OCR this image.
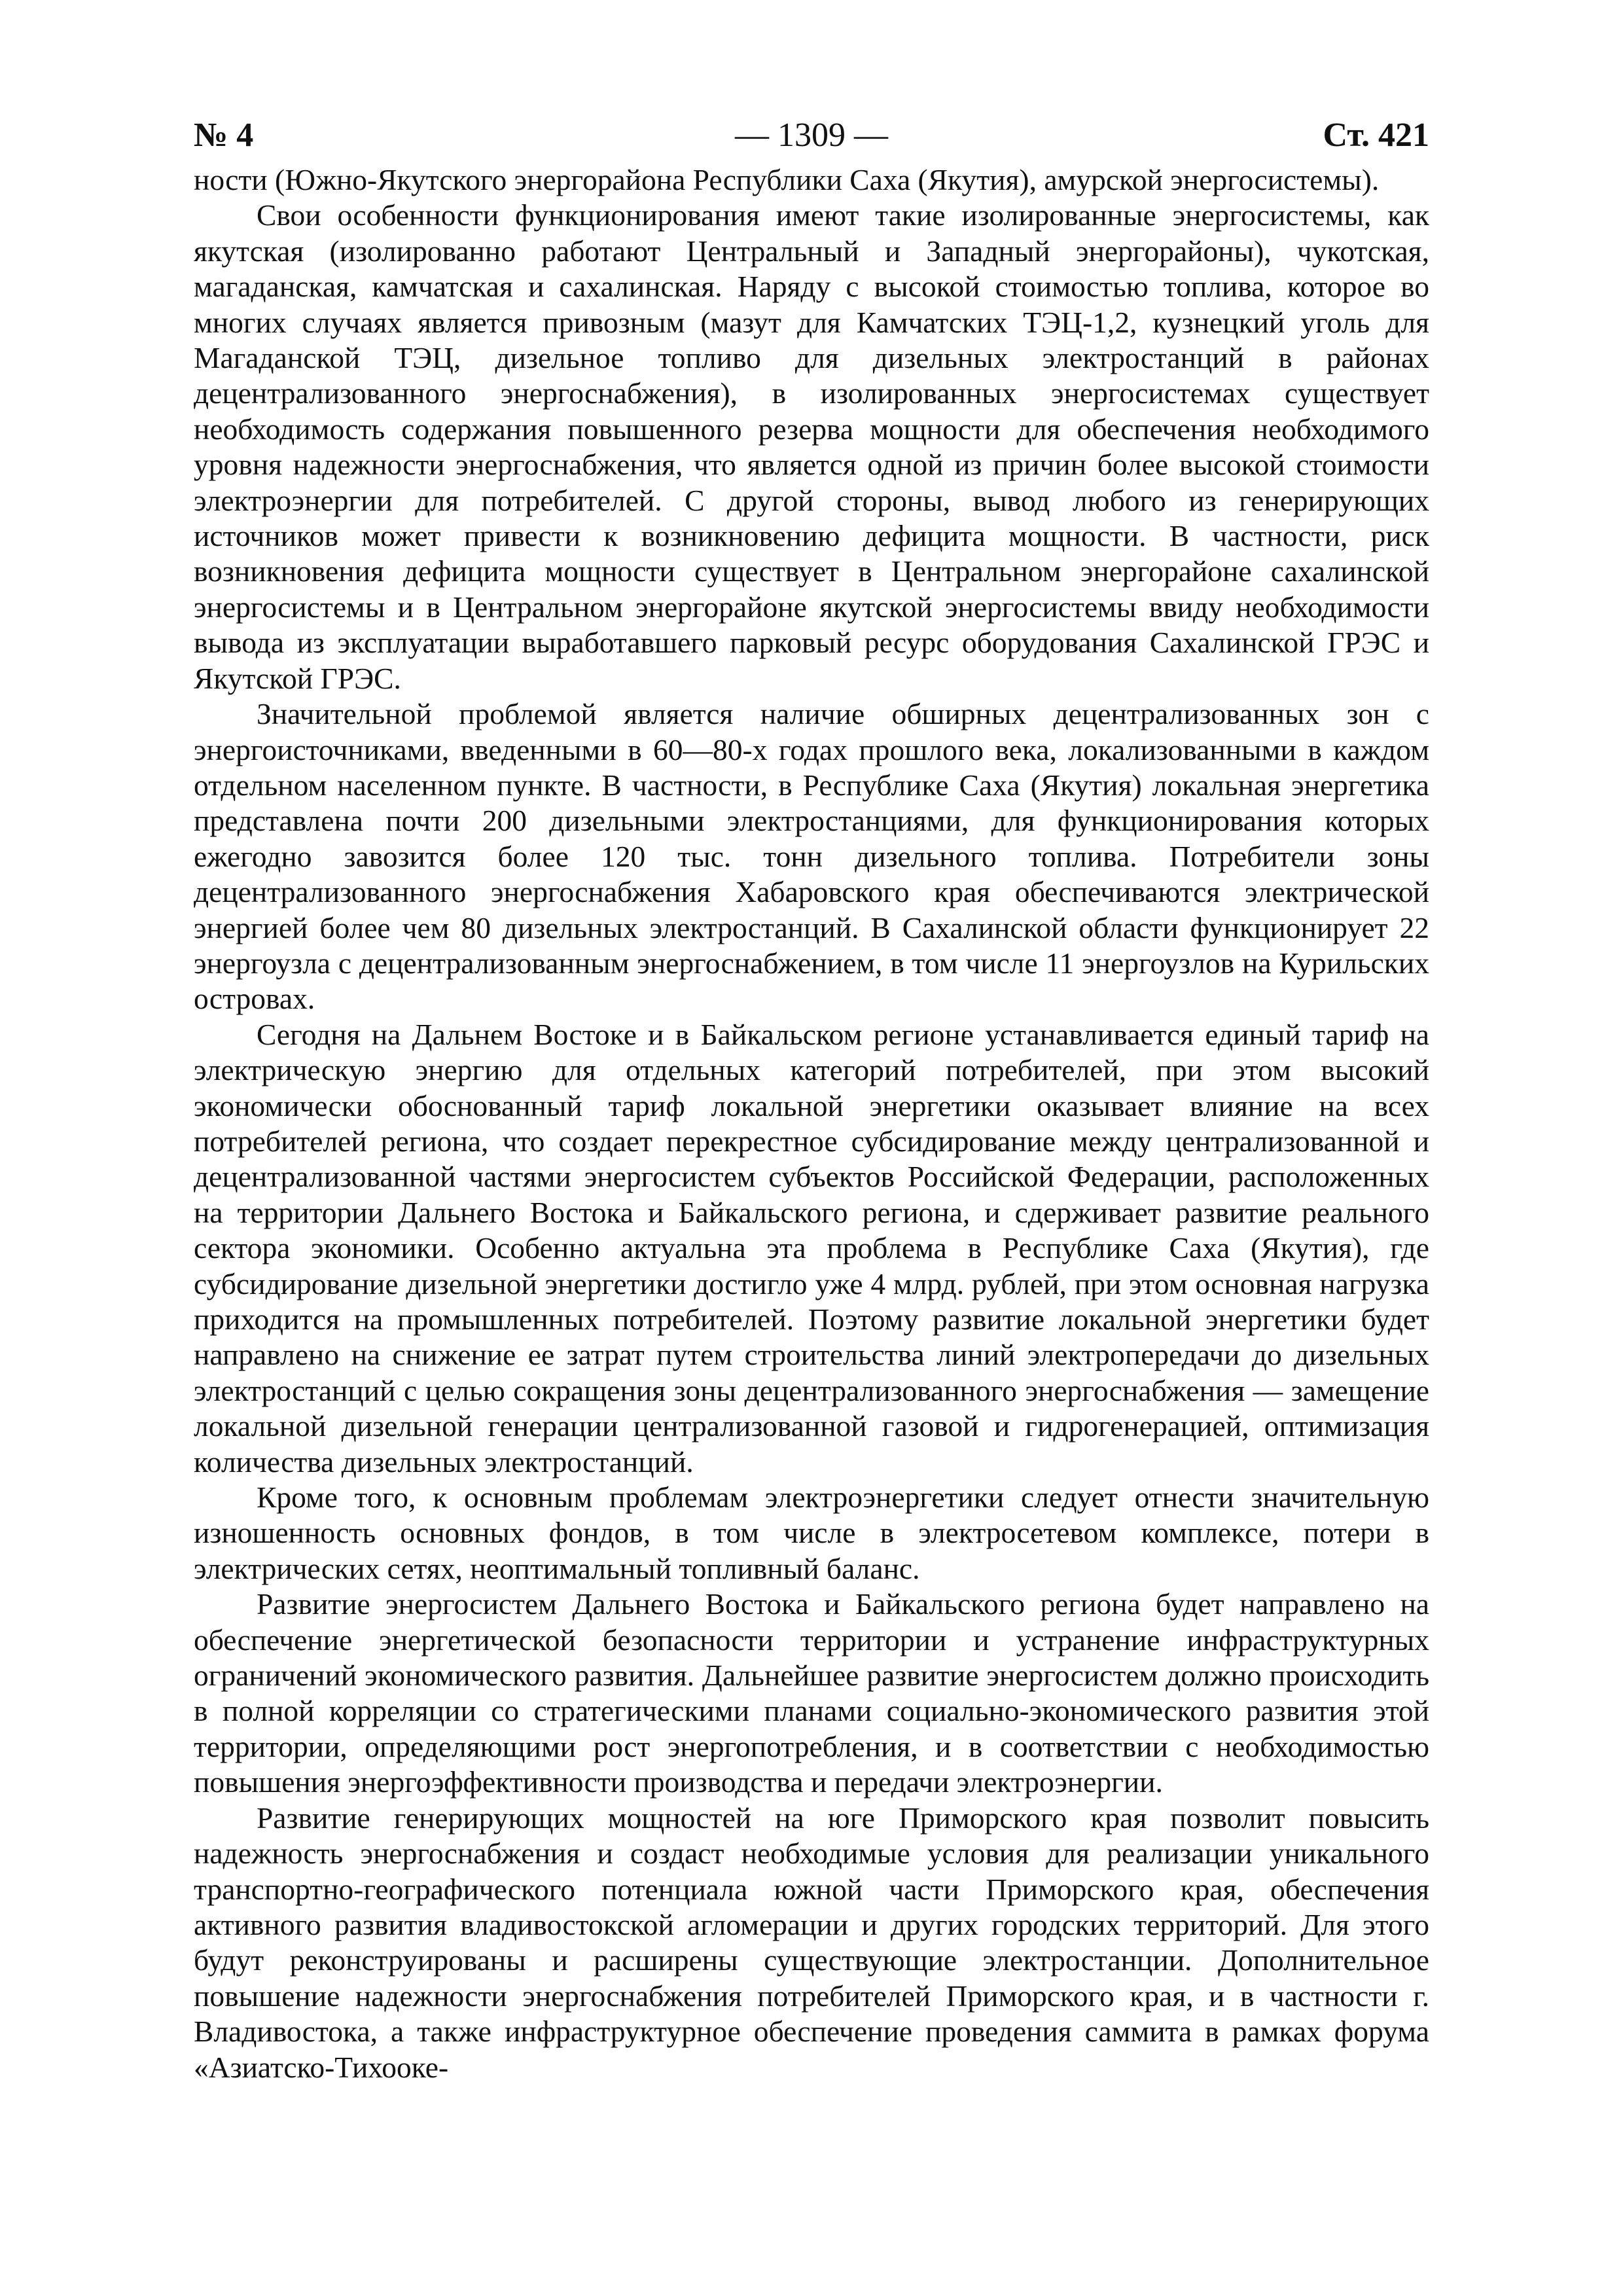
№ 4	— 1309 —	Ст. 421

ности (Южно-Якутского энергорайона Республики Саха (Якутия), амурской энергосистемы).

Свои особенности функционирования имеют такие изолированные энергосистемы, как якутская (изолированно работают Центральный и Западный энергорайоны), чукотская, магаданская, камчатская и сахалинская. Наряду с высокой стоимостью топлива, которое во многих случаях является привозным (мазут для Камчатских ТЭЦ-1,2, кузнецкий уголь для Магаданской ТЭЦ, дизельное топливо для дизельных электростанций в районах децентрализованного энергоснабжения), в изолированных энергосистемах существует необходимость содержания повышенного резерва мощности для обеспечения необходимого уровня надежности энергоснабжения, что является одной из причин более высокой стоимости электроэнергии для потребителей. С другой стороны, вывод любого из генерирующих источников может привести к возникновению дефицита мощности. В частности, риск возникновения дефицита мощности существует в Центральном энергорайоне сахалинской энергосистемы и в Центральном энергорайоне якутской энергосистемы ввиду необходимости вывода из эксплуатации выработавшего парковый ресурс оборудования Сахалинской ГРЭС и Якутской ГРЭС.

Значительной проблемой является наличие обширных децентрализованных зон с энергоисточниками, введенными в 60—80-х годах прошлого века, локализованными в каждом отдельном населенном пункте. В частности, в Республике Саха (Якутия) локальная энергетика представлена почти 200 дизельными электростанциями, для функционирования которых ежегодно завозится более 120 тыс. тонн дизельного топлива. Потребители зоны децентрализованного энергоснабжения Хабаровского края обеспечиваются электрической энергией более чем 80 дизельных электростанций. В Сахалинской области функционирует 22 энергоузла с децентрализованным энергоснабжением, в том числе 11 энергоузлов на Курильских островах.

Сегодня на Дальнем Востоке и в Байкальском регионе устанавливается единый тариф на электрическую энергию для отдельных категорий потребителей, при этом высокий экономически обоснованный тариф локальной энергетики оказывает влияние на всех потребителей региона, что создает перекрестное субсидирование между централизованной и децентрализованной частями энергосистем субъектов Российской Федерации, расположенных на территории Дальнего Востока и Байкальского региона, и сдерживает развитие реального сектора экономики. Особенно актуальна эта проблема в Республике Саха (Якутия), где субсидирование дизельной энергетики достигло уже 4 млрд. рублей, при этом основная нагрузка приходится на промышленных потребителей. Поэтому развитие локальной энергетики будет направлено на снижение ее затрат путем строительства линий электропередачи до дизельных электростанций с целью сокращения зоны децентрализованного энергоснабжения — замещение локальной дизельной генерации централизованной газовой и гидрогенерацией, оптимизация количества дизельных электростанций.

Кроме того, к основным проблемам электроэнергетики следует отнести значительную изношенность основных фондов, в том числе в электросетевом комплексе, потери в электрических сетях, неоптимальный топливный баланс.

Развитие энергосистем Дальнего Востока и Байкальского региона будет направлено на обеспечение энергетической безопасности территории и устранение инфраструктурных ограничений экономического развития. Дальнейшее развитие энергосистем должно происходить в полной корреляции со стратегическими планами социально-экономического развития этой территории, определяющими рост энергопотребления, и в соответствии с необходимостью повышения энергоэффективности производства и передачи электроэнергии.

Развитие генерирующих мощностей на юге Приморского края позволит повысить надежность энергоснабжения и создаст необходимые условия для реализации уникального транспортно-географического потенциала южной части Приморского края, обеспечения активного развития владивостокской агломерации и других городских территорий. Для этого будут реконструированы и расширены существующие электростанции. Дополнительное повышение надежности энергоснабжения потребителей Приморского края, и в частности г. Владивостока, а также инфраструктурное обеспечение проведения саммита в рамках форума «Азиатско-Тихооке-
